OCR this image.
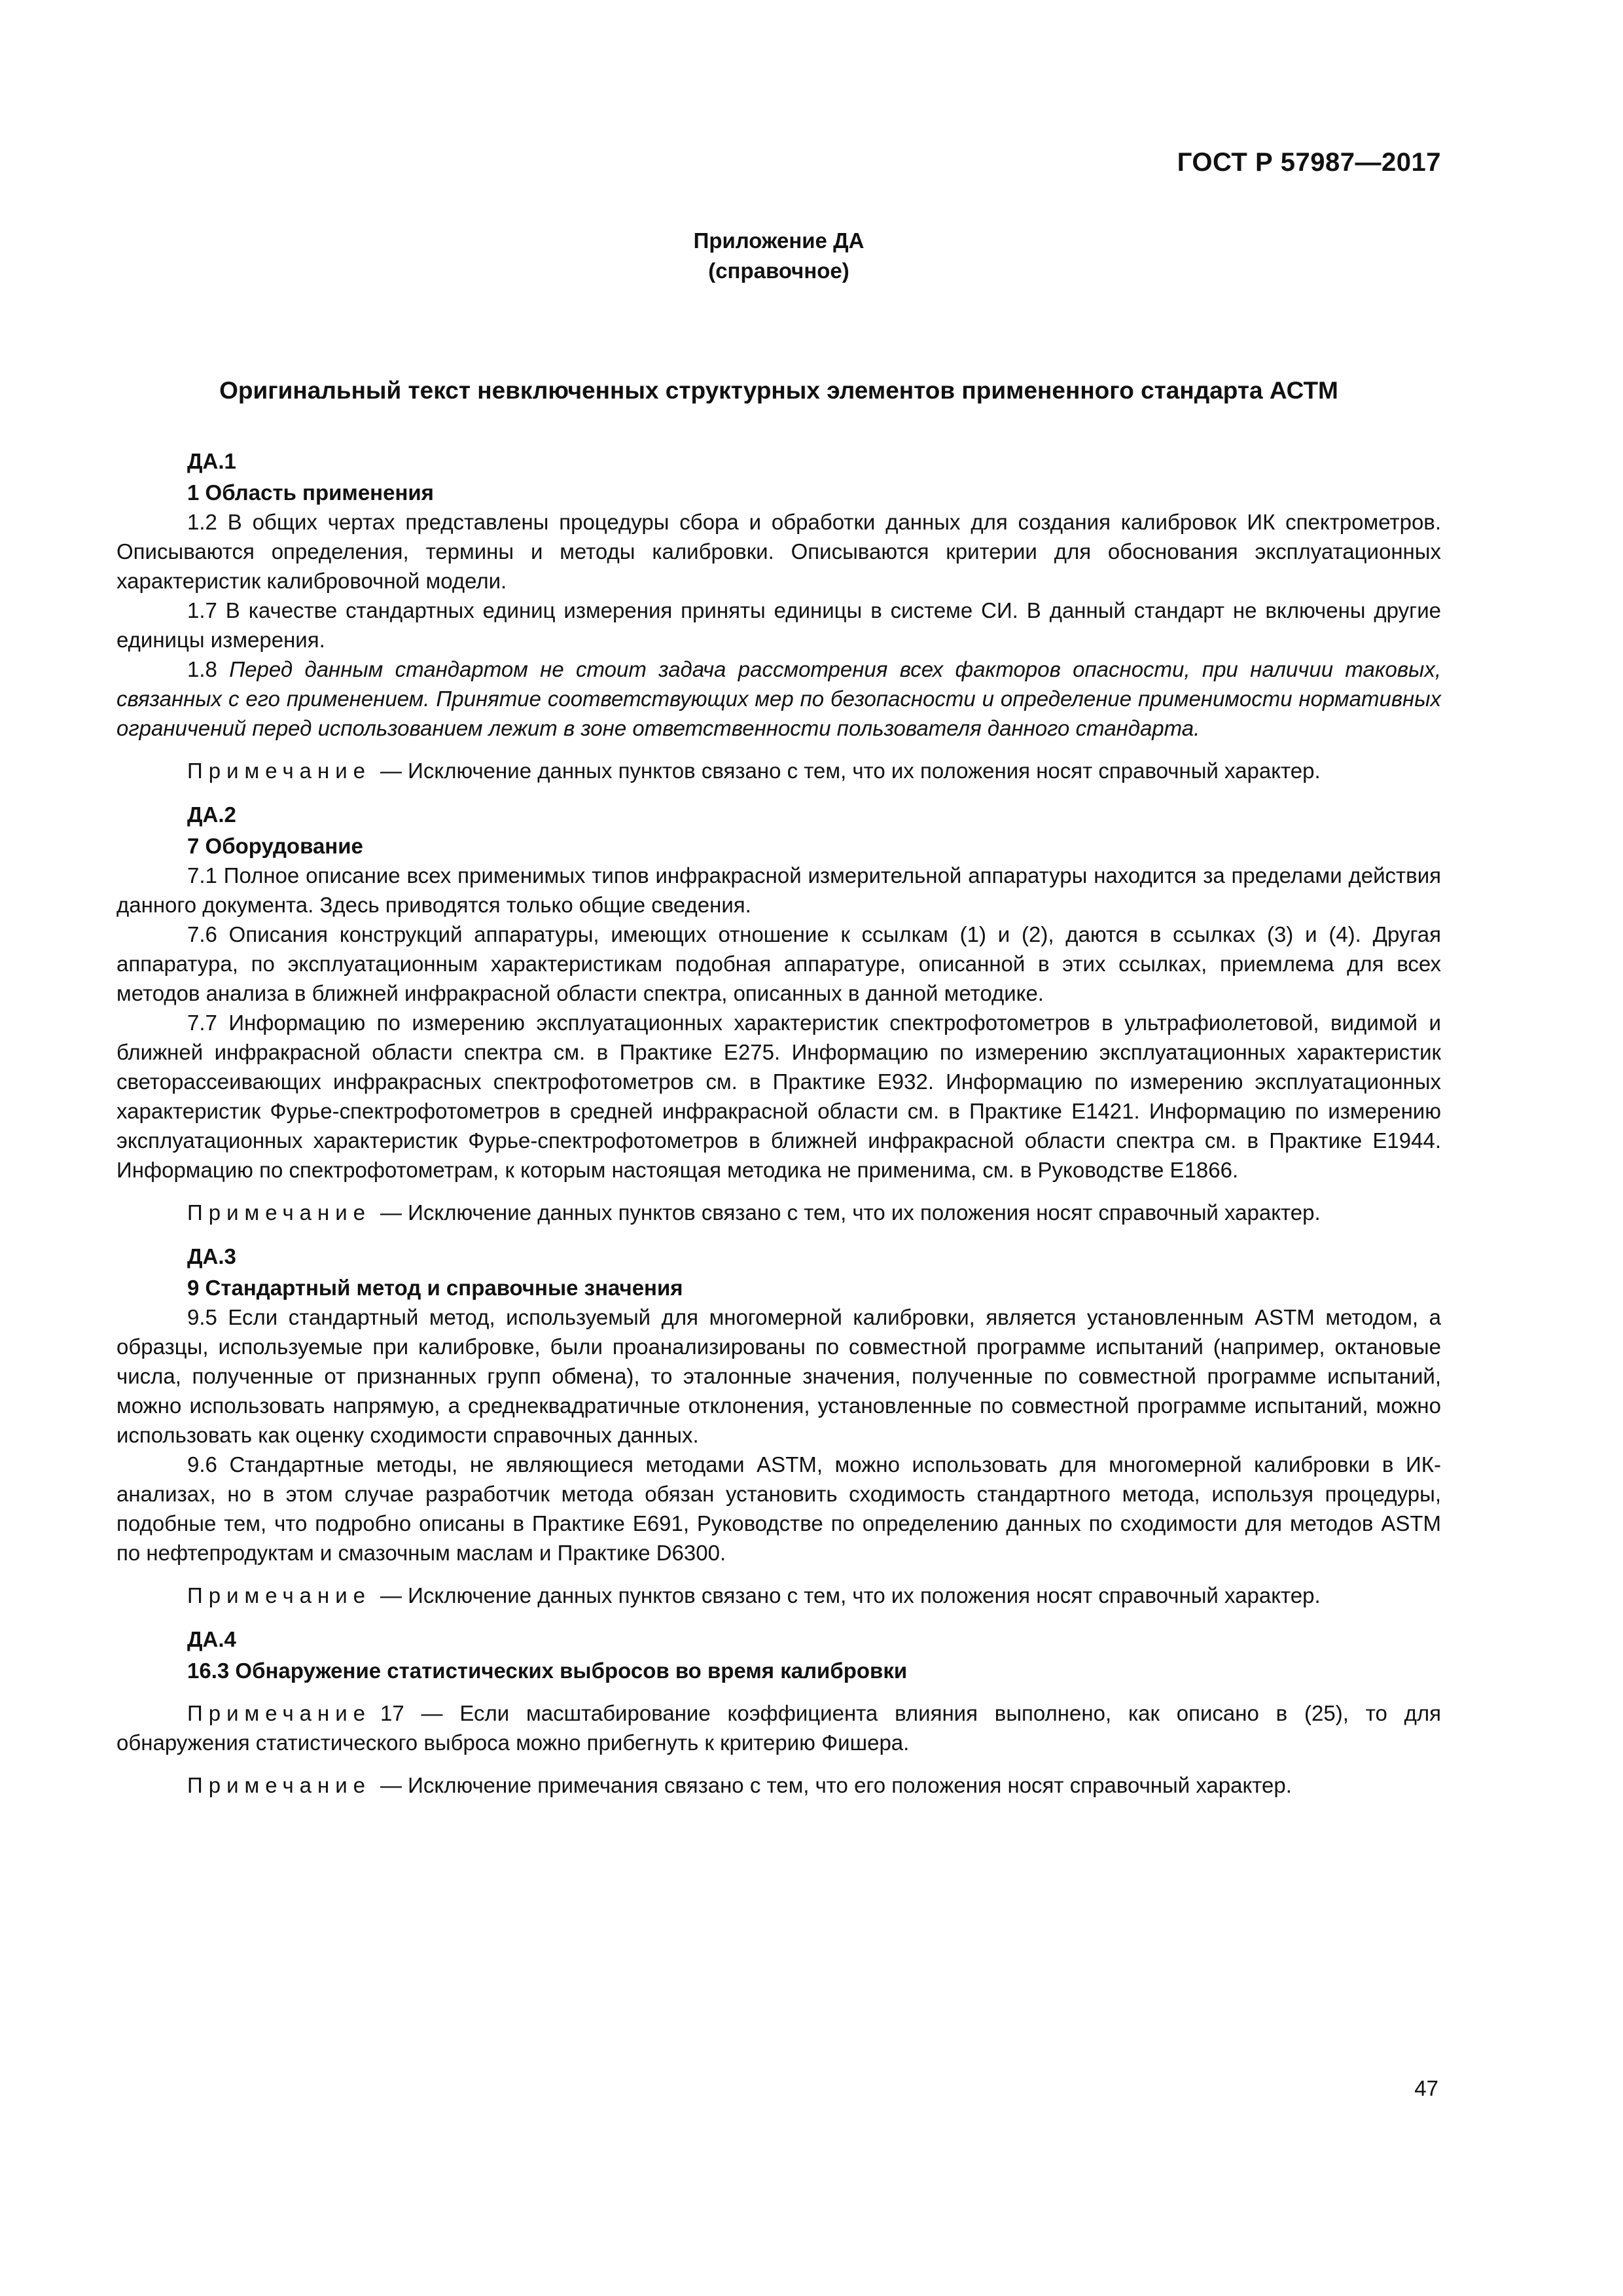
ГОСТ Р 57987—2017
Приложение ДА
(справочное)
Оригинальный текст невключенных структурных элементов примененного стандарта АСТМ
ДА.1
1 Область применения

1.2 В общих чертах представлены процедуры сбора и обработки данных для создания калибровок ИК спектрометров. Описываются определения, термины и методы калибровки. Описываются критерии для обоснования эксплуатационных характеристик калибровочной модели.

1.7 В качестве стандартных единиц измерения приняты единицы в системе СИ. В данный стандарт не включены другие единицы измерения.

1.8 Перед данным стандартом не стоит задача рассмотрения всех факторов опасности, при наличии таковых, связанных с его применением. Принятие соответствующих мер по безопасности и определение применимости нормативных ограничений перед использованием лежит в зоне ответственности пользователя данного стандарта.

Примечание — Исключение данных пунктов связано с тем, что их положения носят справочный характер.

ДА.2
7 Оборудование

7.1 Полное описание всех применимых типов инфракрасной измерительной аппаратуры находится за пределами действия данного документа. Здесь приводятся только общие сведения.

7.6 Описания конструкций аппаратуры, имеющих отношение к ссылкам (1) и (2), даются в ссылках (3) и (4). Другая аппаратура, по эксплуатационным характеристикам подобная аппаратуре, описанной в этих ссылках, приемлема для всех методов анализа в ближней инфракрасной области спектра, описанных в данной методике.

7.7 Информацию по измерению эксплуатационных характеристик спектрофотометров в ультрафиолетовой, видимой и ближней инфракрасной области спектра см. в Практике E275. Информацию по измерению эксплуатационных характеристик светорассеивающих инфракрасных спектрофотометров см. в Практике E932. Информацию по измерению эксплуатационных характеристик Фурье-спектрофотометров в средней инфракрасной области см. в Практике E1421. Информацию по измерению эксплуатационных характеристик Фурье-спектрофотометров в ближней инфракрасной области спектра см. в Практике E1944. Информацию по спектрофотометрам, к которым настоящая методика не применима, см. в Руководстве E1866.

Примечание — Исключение данных пунктов связано с тем, что их положения носят справочный характер.

ДА.3
9 Стандартный метод и справочные значения

9.5 Если стандартный метод, используемый для многомерной калибровки, является установленным ASTM методом, а образцы, используемые при калибровке, были проанализированы по совместной программе испытаний (например, октановые числа, полученные от признанных групп обмена), то эталонные значения, полученные по совместной программе испытаний, можно использовать напрямую, а среднеквадратичные отклонения, установленные по совместной программе испытаний, можно использовать как оценку сходимости справочных данных.

9.6 Стандартные методы, не являющиеся методами ASTM, можно использовать для многомерной калибровки в ИК-анализах, но в этом случае разработчик метода обязан установить сходимость стандартного метода, используя процедуры, подобные тем, что подробно описаны в Практике E691, Руководстве по определению данных по сходимости для методов ASTM по нефтепродуктам и смазочным маслам и Практике D6300.

Примечание — Исключение данных пунктов связано с тем, что их положения носят справочный характер.

ДА.4
16.3 Обнаружение статистических выбросов во время калибровки

Примечание 17 — Если масштабирование коэффициента влияния выполнено, как описано в (25), то для обнаружения статистического выброса можно прибегнуть к критерию Фишера.

Примечание — Исключение примечания связано с тем, что его положения носят справочный характер.

47
